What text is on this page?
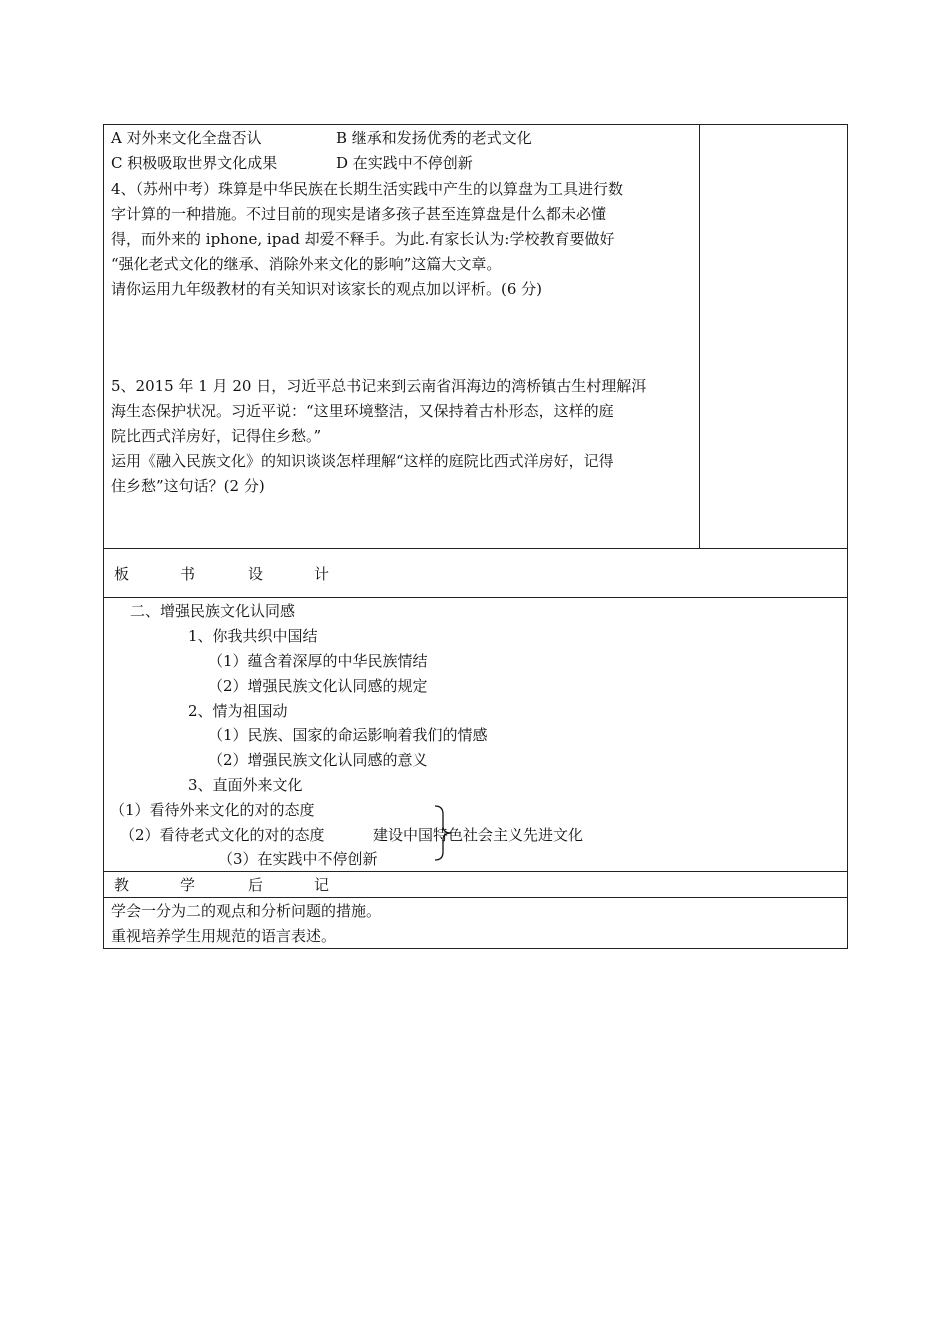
A 对外来文化全盘否认	B 继承和发扬优秀的老式文化
C 积极吸取世界文化成果	D 在实践中不停创新
4、（苏州中考）珠算是中华民族在长期生活实践中产生的以算盘为工具进行数
字计算的一种措施。不过目前的现实是诸多孩子甚至连算盘是什么都未必懂
得，而外来的 iphone, ipad 却爱不释手。为此.有家长认为:学校教育要做好
“强化老式文化的继承、消除外来文化的影响”这篇大文章。
请你运用九年级教材的有关知识对该家长的观点加以评析。(6 分)
5、2015 年 1 月 20 日，习近平总书记来到云南省洱海边的湾桥镇古生村理解洱
海生态保护状况。习近平说：“这里环境整洁，又保持着古朴形态，这样的庭
院比西式洋房好，记得住乡愁。”
运用《融入民族文化》的知识谈谈怎样理解“这样的庭院比西式洋房好，记得
住乡愁”这句话？(2 分)
板	书	设	计
二、增强民族文化认同感
1、你我共织中国结
（1）蕴含着深厚的中华民族情结
（2）增强民族文化认同感的规定
2、情为祖国动
（1）民族、国家的命运影响着我们的情感
（2）增强民族文化认同感的意义
3、直面外来文化
（1）看待外来文化的对的态度
（2）看待老式文化的对的态度	建设中国特色社会主义先进文化
（3）在实践中不停创新
教	学	后	记
学会一分为二的观点和分析问题的措施。
重视培养学生用规范的语言表述。
